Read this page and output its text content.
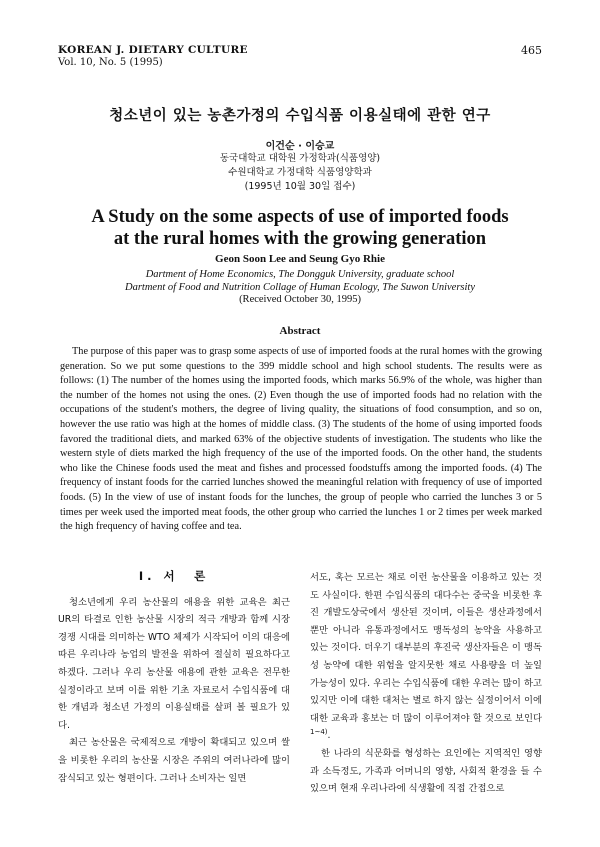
KOREAN J. DIETARY CULTURE
Vol. 10, No. 5 (1995)
465
청소년이 있는 농촌가정의 수입식품 이용실태에 관한 연구
이건순 · 이승교
동국대학교 대학원 가정학과(식품영양)
수원대학교 가정대학 식품영양학과
(1995년 10월 30일 접수)
A Study on the some aspects of use of imported foods
at the rural homes with the growing generation
Geon Soon Lee and Seung Gyo Rhie
Dartment of Home Economics, The Dongguk University, graduate school
Dartment of Food and Nutrition Collage of Human Ecology, The Suwon University
(Received October 30, 1995)
Abstract
The purpose of this paper was to grasp some aspects of use of imported foods at the rural homes with the growing generation. So we put some questions to the 399 middle school and high school students. The results were as follows: (1) The number of the homes using the imported foods, which marks 56.9% of the whole, was higher than the number of the homes not using the ones. (2) Even though the use of imported foods had no relation with the occupations of the student's mothers, the degree of living quality, the situations of food consumption, and so on, however the use ratio was high at the homes of middle class. (3) The students of the home of using imported foods favored the traditional diets, and marked 63% of the objective students of investigation. The students who like the western style of diets marked the high frequency of the use of the imported foods. On the other hand, the students who like the Chinese foods used the meat and fishes and processed foodstuffs among the imported foods. (4) The frequency of instant foods for the carried lunches showed the meaningful relation with frequency of use of imported foods. (5) In the view of use of instant foods for the lunches, the group of people who carried the lunches 3 or 5 times per week used the imported meat foods, the other group who carried the lunches 1 or 2 times per week marked the high frequency of having coffee and tea.
I. 서　론

청소년에게 우리 농산물의 애용을 위한 교육은 최근 UR의 타결로 인한 농산물 시장의 적극 개방과 함께 시장 경쟁 시대를 의미하는 WTO 체제가 시작되어 이의 대응에 따른 우리나라 농업의 발전을 위하여 절실히 필요하다고 하겠다. 그러나 우리 농산물 애용에 관한 교육은 전무한 실정이라고 보며 이를 위한 기초 자료로서 수입식품에 대한 개념과 청소년 가정의 이용실태를 살펴 볼 필요가 있다.

최근 농산물은 국제적으로 개방이 확대되고 있으며 쌀을 비롯한 우리의 농산물 시장은 주위의 여러나라에 많이 잠식되고 있는 형편이다. 그러나 소비자는 일면

서도, 혹는 모르는 채로 이런 농산물을 이용하고 있는 것도 사실이다. 한편 수입식품의 대다수는 중국을 비롯한 후진 개발도상국에서 생산된 것이며, 이들은 생산과정에서 뿐만 아니라 유통과정에서도 맹독성의 농약을 사용하고 있는 것이다. 더우기 대부분의 후진국 생산자들은 이 맹독성 농약에 대한 위험을 알지못한 채로 사용량을 더 높일 가능성이 있다. 우리는 수입식품에 대한 우려는 많이 하고 있지만 이에 대한 대처는 별로 하지 않는 실정이어서 이에 대한 교육과 홍보는 더 많이 이루어져야 할 것으로 보인다$^{1\sim 4)}$.

한 나라의 식문화를 형성하는 요인에는 지역적인 영향과 소득정도, 가족과 어머니의 영향, 사회적 환경을 들 수 있으며 현재 우리나라에 식생활에 직접 간접으로
